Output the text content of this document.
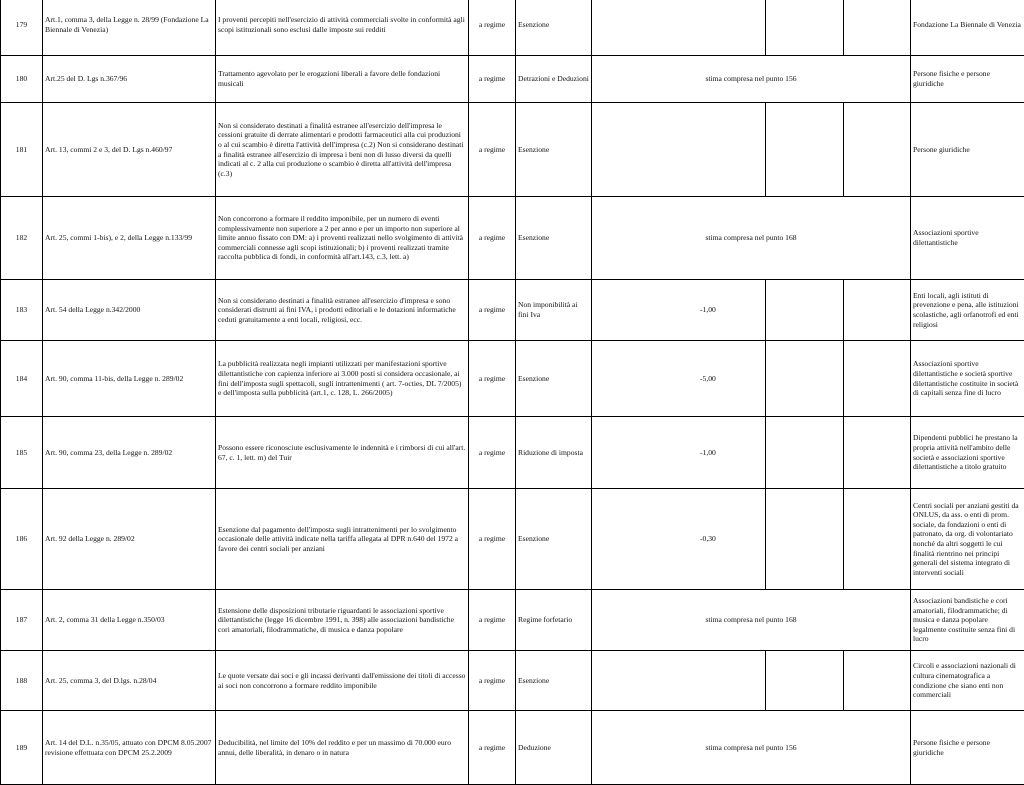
179	Art.1, comma 3, della Legge n. 28/99 (Fondazione La Biennale di Venezia)	I proventi percepiti nell'esercizio di attività commerciali svolte in conformità agli scopi istituzionali sono esclusi dalle imposte sui redditi	a regime	Esenzione				Fondazione La Biennale di Venezia
180	Art.25 del D. Lgs n.367/96	Trattamento agevolato per le erogazioni liberali a favore delle fondazioni musicali	a regime	Detrazioni e Deduzioni	stima compresa nel punto 156			Persone fisiche e persone giuridiche
181	Art. 13, commi 2 e 3, del D. Lgs n.460/97	Non si considerato destinati a finalità estranee all'esercizio dell'impresa le cessioni gratuite di derrate alimentari e prodotti farmaceutici alla cui produzioni o al cui scambio è diretta l'attività dell'impresa (c.2) Non si considerano destinati a finalità estranee all'esercizio di impresa i beni non di lusso diversi da quelli indicati al c. 2 alla cui produzione o scambio è diretta all'attività dell'impresa (c.3)	a regime	Esenzione				Persone giuridiche
182	Art. 25, commi 1-bis), e 2, della Legge n.133/99	Non concorrono a formare il reddito imponibile, per un numero di eventi complessivamente non superiore a 2 per anno e per un importo non superiore al limite annuo fissato con DM: a) i proventi realizzati nello svolgimento di attività commerciali connesse agli scopi istituzionali; b) i proventi realizzati tramite raccolta pubblica di fondi, in conformità all'art.143, c.3, lett. a)	a regime	Esenzione	stima compresa nel punto 168			Associazioni sportive dilettantistiche
183	Art. 54 della Legge n.342/2000	Non si considerano destinati a finalità estranee all'esercizio d'impresa e sono considerati distrutti ai fini IVA, i prodotti editoriali e le dotazioni informatiche ceduti gratuitamente a enti locali, religiosi, ecc.	a regime	Non imponibilità ai fini Iva	-1,00			Enti locali, agli istituti di prevenzione e pena, alle istituzioni scolastiche, agli orfanotrofi ed enti religiosi
184	Art. 90, comma 11-bis, della Legge n. 289/02	La pubblicità realizzata negli impianti utilizzati per manifestazioni sportive dilettantistiche con capienza inferiore ai 3.000 posti si considera occasionale, ai fini dell'imposta sugli spettacoli, sugli intrattenimenti ( art. 7-octies, DL 7/2005) e dell'imposta sulla pubblicità (art.1, c. 128, L. 266/2005)	a regime	Esenzione	-5,00			Associazioni sportive dilettantistiche e società sportive dilettantistiche costituite in società di capitali senza fine di lucro
185	Art. 90, comma 23, della Legge n. 289/02	Possono essere riconosciute esclusivamente le indennità e i rimborsi di cui all'art. 67, c. 1, lett. m) del Tuir	a regime	Riduzione di imposta	-1,00			Dipendenti pubblici he prestano la propria attività nell'ambito delle società e associazioni sportive dilettantistiche a titolo gratuito
186	Art. 92 della Legge n. 289/02	Esenzione dal pagamento dell'imposta sugli intrattenimenti per lo svolgimento occasionale delle attività indicate nella tariffa allegata al DPR n.640 del 1972 a favore dei centri sociali per anziani	a regime	Esenzione	-0,30			Centri sociali per anziani gestiti da ONLUS, da ass. o enti di prom. sociale, da fondazioni o enti di patronato, da org. di volontariato nonché da altri soggetti le cui finalità rientrino nei principi generali del sistema integrato di interventi sociali
187	Art. 2, comma 31 della Legge n.350/03	Estensione delle disposizioni tributarie riguardanti le associazioni sportive dilettantistiche (legge 16 dicembre 1991, n. 398) alle associazioni bandistiche cori amatoriali, filodrammatiche, di musica e danza popolare	a regime	Regime forfetario	stima compresa nel punto 168			Associazioni bandistiche e cori amatoriali, filodrammatiche; di musica e danza popolare legalmente costituite senza fini di lucro
188	Art. 25, comma 3, del D.lgs. n.28/04	Le quote versate dai soci e gli incassi derivanti dall'emissione dei titoli di accesso ai soci non concorrono a formare reddito imponibile	a regime	Esenzione				Circoli e associazioni nazionali di cultura cinematografica a condizione che siano enti non commerciali
189	Art. 14 del D.L. n.35/05, attuato con DPCM 8.05.2007 revisione effettuata con DPCM 25.2.2009	Deducibilità, nel limite del 10% del reddito e per un massimo di 70.000 euro annui, delle liberalità, in denaro o in natura	a regime	Deduzione	stima compresa nel punto 156			Persone fisiche e persone giuridiche
